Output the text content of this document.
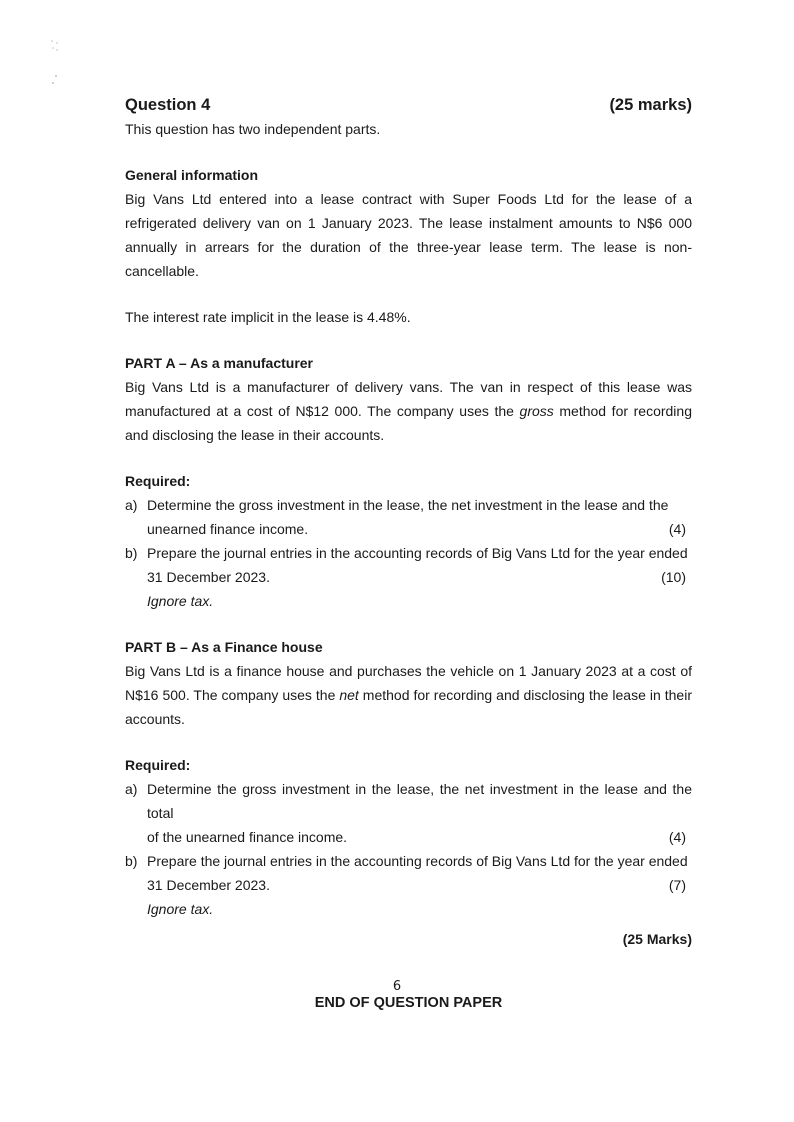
Question 4	(25 marks)

This question has two independent parts.

General information

Big Vans Ltd entered into a lease contract with Super Foods Ltd for the lease of a refrigerated delivery van on 1 January 2023. The lease instalment amounts to N$6 000 annually in arrears for the duration of the three-year lease term. The lease is non-cancellable.

The interest rate implicit in the lease is 4.48%.

PART A – As a manufacturer

Big Vans Ltd is a manufacturer of delivery vans. The van in respect of this lease was manufactured at a cost of N$12 000. The company uses the gross method for recording and disclosing the lease in their accounts.

Required:

a) Determine the gross investment in the lease, the net investment in the lease and the
unearned finance income.	(4)
b) Prepare the journal entries in the accounting records of Big Vans Ltd for the year ended
31 December 2023.	(10)

Ignore tax.

PART B – As a Finance house

Big Vans Ltd is a finance house and purchases the vehicle on 1 January 2023 at a cost of N$16 500. The company uses the net method for recording and disclosing the lease in their accounts.

Required:

a) Determine the gross investment in the lease, the net investment in the lease and the total
of the unearned finance income.	(4)
b) Prepare the journal entries in the accounting records of Big Vans Ltd for the year ended
31 December 2023.	(7)

Ignore tax.

(25 Marks)

END OF QUESTION PAPER

6
